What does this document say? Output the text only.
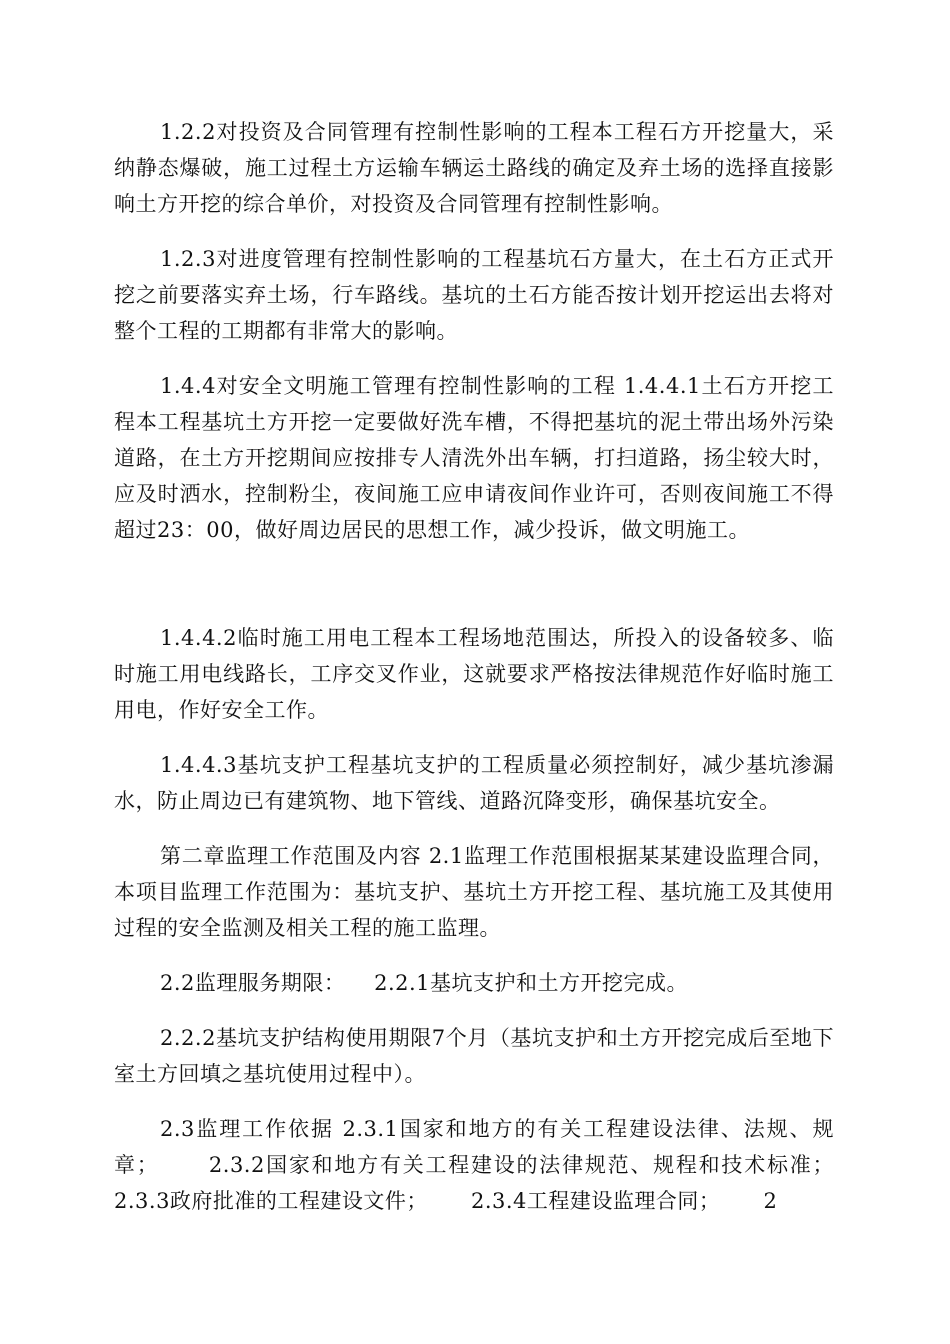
1.2.2对投资及合同管理有控制性影响的工程本工程石方开挖量大，采纳静态爆破，施工过程土方运输车辆运土路线的确定及弃土场的选择直接影响土方开挖的综合单价，对投资及合同管理有控制性影响。

1.2.3对进度管理有控制性影响的工程基坑石方量大，在土石方正式开挖之前要落实弃土场，行车路线。基坑的土石方能否按计划开挖运出去将对整个工程的工期都有非常大的影响。

1.4.4对安全文明施工管理有控制性影响的工程 1.4.4.1土石方开挖工程本工程基坑土方开挖一定要做好洗车槽，不得把基坑的泥土带出场外污染道路，在土方开挖期间应按排专人清洗外出车辆，打扫道路，扬尘较大时，应及时洒水，控制粉尘，夜间施工应申请夜间作业许可，否则夜间施工不得超过23：00，做好周边居民的思想工作，减少投诉，做文明施工。

1.4.4.2临时施工用电工程本工程场地范围达，所投入的设备较多、临时施工用电线路长，工序交叉作业，这就要求严格按法律规范作好临时施工用电，作好安全工作。

1.4.4.3基坑支护工程基坑支护的工程质量必须控制好，减少基坑渗漏水，防止周边已有建筑物、地下管线、道路沉降变形，确保基坑安全。

第二章监理工作范围及内容 2.1监理工作范围根据某某建设监理合同，本项目监理工作范围为：基坑支护、基坑土方开挖工程、基坑施工及其使用过程的安全监测及相关工程的施工监理。

2.2监理服务期限：    2.2.1基坑支护和土方开挖完成。

2.2.2基坑支护结构使用期限7个月（基坑支护和土方开挖完成后至地下室土方回填之基坑使用过程中）。

2.3监理工作依据 2.3.1国家和地方的有关工程建设法律、法规、规章；      2.3.2国家和地方有关工程建设的法律规范、规程和技术标准；      2.3.3政府批准的工程建设文件；      2.3.4工程建设监理合同；      2
